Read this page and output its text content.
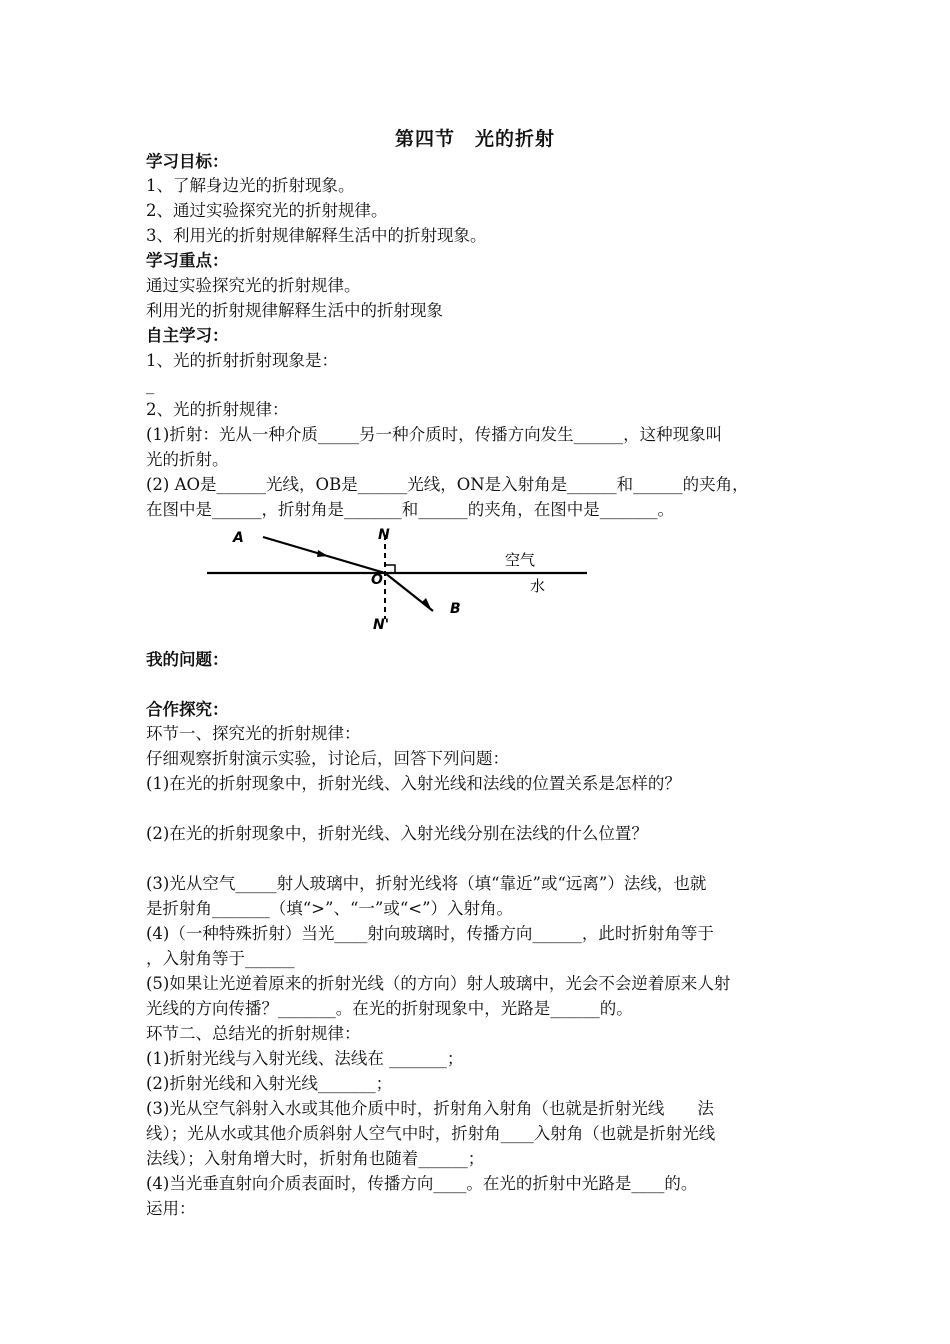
第四节　光的折射
学习目标：
1、了解身边光的折射现象。
2、通过实验探究光的折射规律。
3、利用光的折射规律解释生活中的折射现象。
学习重点：
通过实验探究光的折射规律。
利用光的折射规律解释生活中的折射现象
自主学习：
1、光的折射折射现象是：
_
2、光的折射规律：
(1)折射：光从一种介质_____另一种介质时，传播方向发生______，这种现象叫
光的折射。
(2) AO是______光线，OB是______光线，ON是入射角是______和______的夹角，
在图中是______，折射角是_______和______的夹角，在图中是_______。
A	N
O
N'
B
空气
水
我的问题：
合作探究：
环节一、探究光的折射规律：
仔细观察折射演示实验，讨论后，回答下列问题：
(1)在光的折射现象中，折射光线、入射光线和法线的位置关系是怎样的？
(2)在光的折射现象中，折射光线、入射光线分别在法线的什么位置？
(3)光从空气_____射人玻璃中，折射光线将（填“靠近”或“远离”）法线，也就
是折射角_______（填“>”、“一”或“<”）入射角。
(4)（一种特殊折射）当光____射向玻璃时，传播方向______，此时折射角等于
，入射角等于______
(5)如果让光逆着原来的折射光线（的方向）射人玻璃中，光会不会逆着原来人射
光线的方向传播？_______。在光的折射现象中，光路是______的。
环节二、总结光的折射规律：
(1)折射光线与入射光线、法线在 _______；
(2)折射光线和入射光线_______；
(3)光从空气斜射入水或其他介质中时，折射角入射角（也就是折射光线　　法
线）；光从水或其他介质斜射人空气中时，折射角____入射角（也就是折射光线
法线）；入射角增大时，折射角也随着______；
(4)当光垂直射向介质表面时，传播方向____。在光的折射中光路是____的。
运用：
